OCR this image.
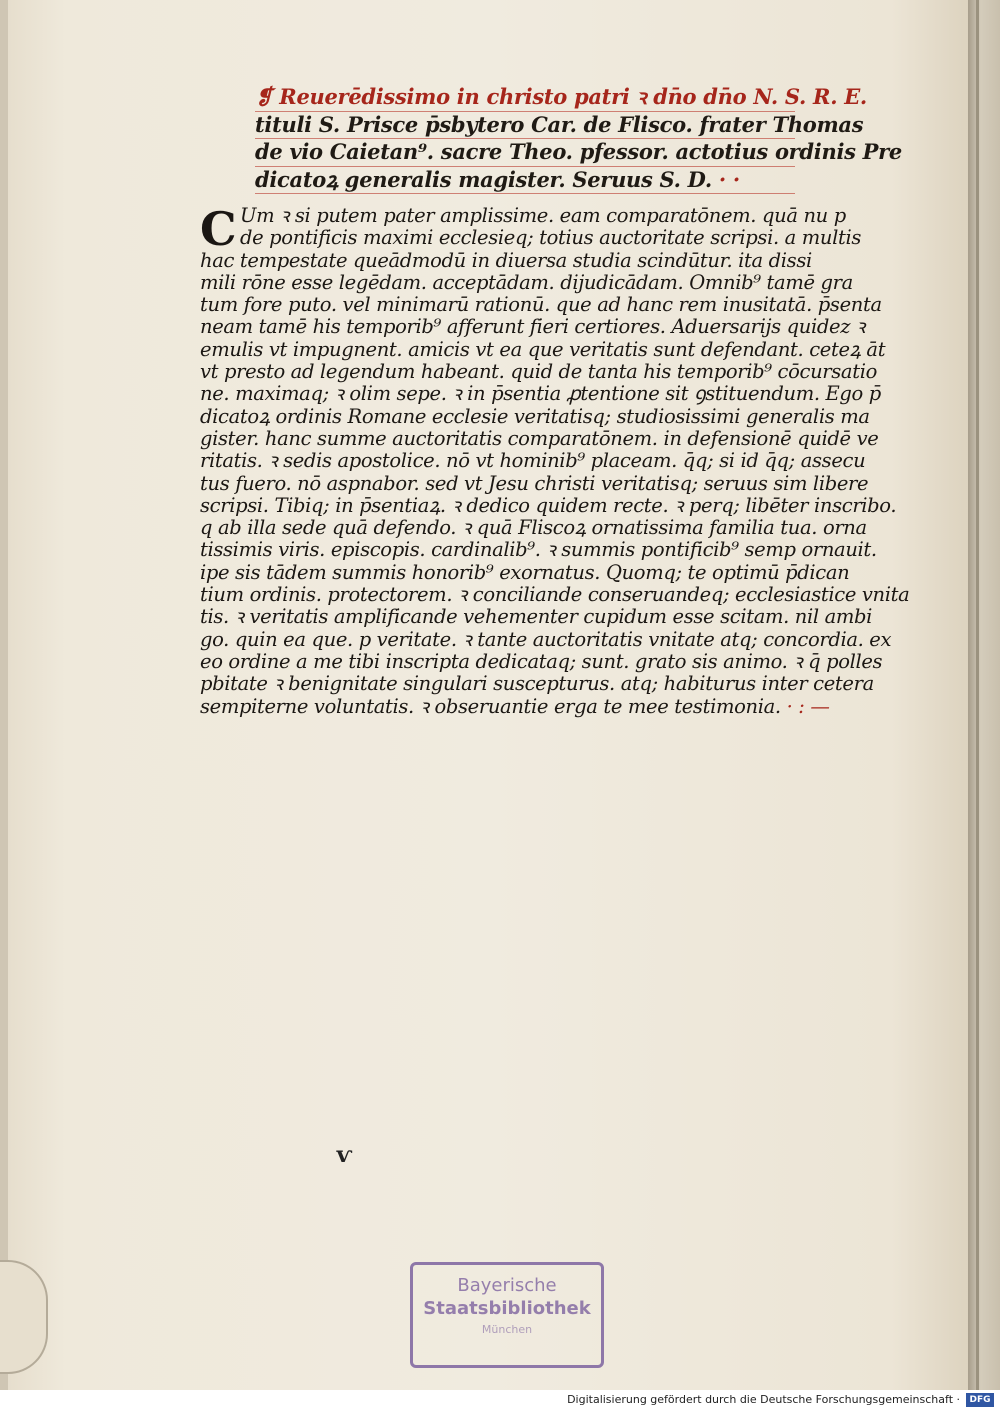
❡ Reuerēdissimo in christo patri ꝛ dn̄o dn̄o N. S. R. E.
tituli S. Prisce p̄sbytero Car. de Flisco. frater Thomas
de vio Caietan⁹. sacre Theo. pfessor. actotius ordinis Pre
dicatoꝝ generalis magister. Seruus S. D. · ·
C Um ꝛ si putem pater amplissime. eam comparatōnem. quā nu p
de pontificis maximi ecclesieq; totius auctoritate scripsi. a multis
hac tempestate queādmodū in diuersa studia scindūtur. ita dissi
mili rōne esse legēdam. acceptādam. dijudicādam. Omnib⁹ tamē gra
tum fore puto. vel minimarū rationū. que ad hanc rem inusitatā. p̄senta
neam tamē his temporib⁹ afferunt fieri certiores. Aduersarijs quidez ꝛ
emulis vt impugnent. amicis vt ea que veritatis sunt defendant. ceteꝝ āt
vt presto ad legendum habeant. quid de tanta his temporib⁹ cōcursatio
ne. maximaq; ꝛ olim sepe. ꝛ in p̄sentia ꝓtentione sit ꝯstituendum. Ego p̄
dicatoꝝ ordinis Romane ecclesie veritatisq; studiosissimi generalis ma
gister. hanc summe auctoritatis comparatōnem. in defensionē quidē ve
ritatis. ꝛ sedis apostolice. nō vt hominib⁹ placeam. q̄q; si id q̄q; assecu
tus fuero. nō aspnabor. sed vt Jesu christi veritatisq; seruus sim libere
scripsi. Tibiq; in p̄sentiaꝝ. ꝛ dedico quidem recte. ꝛ perq; libēter inscribo.
q ab illa sede quā defendo. ꝛ quā Fliscoꝝ ornatissima familia tua. orna
tissimis viris. episcopis. cardinalib⁹. ꝛ summis pontificib⁹ semp ornauit.
ipe sis tādem summis honorib⁹ exornatus. Quomq; te optimū p̄dican
tium ordinis. protectorem. ꝛ conciliande conseruandeq; ecclesiastice vnita
tis. ꝛ veritatis amplificande vehementer cupidum esse scitam. nil ambi
go. quin ea que. p veritate. ꝛ tante auctoritatis vnitate atq; concordia. ex
eo ordine a me tibi inscripta dedicataq; sunt. grato sis animo. ꝛ q̄ polles
pbitate ꝛ benignitate singulari suscepturus. atq; habiturus inter cetera
sempiterne voluntatis. ꝛ obseruantie erga te mee testimonia. · : —
ѵ
Bayerische
Staatsbibliothek
München
Digitalisierung gefördert durch die Deutsche Forschungsgemeinschaft ·	DFG
